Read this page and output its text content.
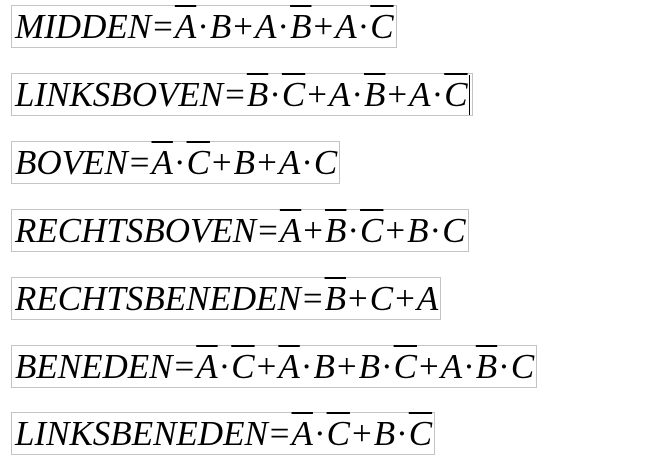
MIDDEN = $\overline{A} \cdot B + A \cdot \overline{B} + A \cdot \overline{C}$
LINKSBOVEN = $\overline{B} \cdot \overline{C} + A \cdot \overline{B} + A \cdot \overline{C}$
BOVEN = $\overline{A} \cdot \overline{C} + B + A \cdot C$
RECHTSBOVEN = $\overline{A} + \overline{B} \cdot \overline{C} + B \cdot C$
RECHTSBENEDEN = $\overline{B} + C + A$
BENEDEN = $\overline{A} \cdot \overline{C} + \overline{A} \cdot B + B \cdot \overline{C} + A \cdot \overline{B} \cdot C$
LINKSBENEDEN = $\overline{A} \cdot \overline{C} + B \cdot \overline{C}$
